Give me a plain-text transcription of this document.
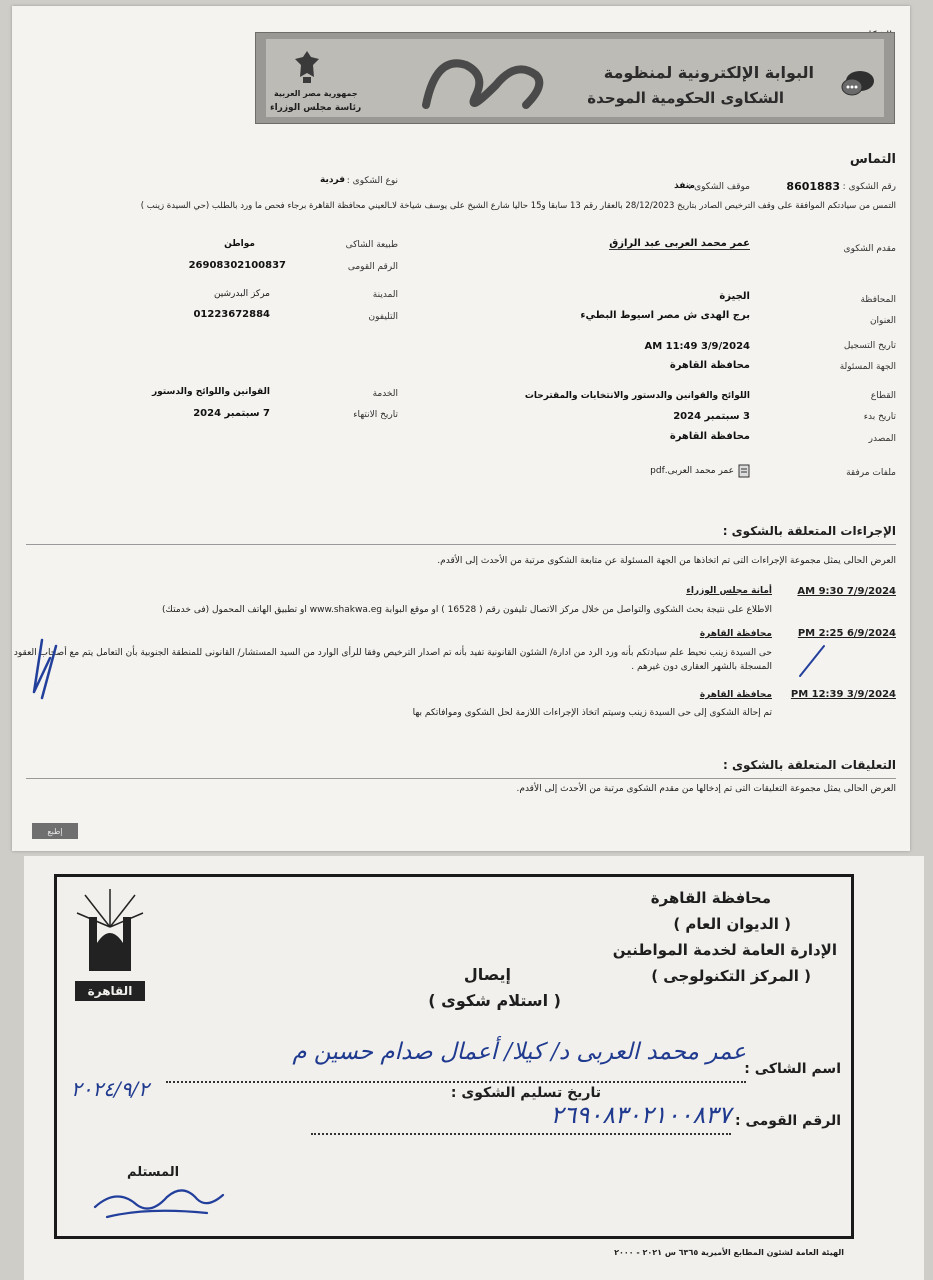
البوابة الإلكترونية لمنظومة
الشكاوى الحكومية الموحدة
جمهورية مصر العربية
رئاسة مجلس الوزراء
التماس
رقم الشكوى :
8601883
موقف الشكوى :
منفذ
نوع الشكوى :
فردية
التمس من سيادتكم الموافقة على وقف الترخيص الصادر بتاريخ 28/12/2023 بالعقار رقم 13 سابقا و15 حاليا شارع الشيخ على يوسف شياخة لاـالعيني محافظة القاهرة برجاء فحص ما ورد بالطلب (حي السيدة زينب )
مقدم الشكوى
عمر محمد العربى عبد الرازق
طبيعة الشاكى
مواطن
الرقم القومى
26908302100837
المحافظة
الجيزة
المدينة
مركز البدرشين
العنوان
برج الهدى ش مصر اسيوط البطيء
التليفون
01223672884
تاريخ التسجيل
AM 11:49 3/9/2024
الجهة المسئولة
محافظة القاهرة
القطاع
اللوائح والقوانين والدستور والانتخابات والمقترحات
الخدمة
القوانين واللوائح والدستور
تاريخ بدء
3 سبتمبر 2024
تاريخ الانتهاء
7 سبتمبر 2024
المصدر
محافظة القاهرة
ملفات مرفقة
عمر محمد العربى.pdf
الإجراءات المتعلقة بالشكوى :
العرض الحالى يمثل مجموعة الإجراءات التى تم اتخاذها من الجهة المسئولة عن متابعة الشكوى مرتبة من الأحدث إلى الأقدم.
AM 9:30 7/9/2024
أمانة مجلس الوزراء
الاطلاع على نتيجة بحث الشكوى والتواصل من خلال مركز الاتصال تليفون رقم ( 16528 ) او موقع البوابة www.shakwa.eg او تطبيق الهاتف المحمول (فى خدمتك)
PM 2:25 6/9/2024
محافظة القاهرة
حى السيدة زينب نحيط علم سيادتكم بأنه ورد الرد من ادارة/ الشئون القانونية تفيد بأنه تم اصدار الترخيص وفقا للرأى الوارد من السيد المستشار/ القانونى للمنطقة الجنوبية بأن التعامل يتم مع أصحاب العقود المسجلة بالشهر العقارى دون غيرهم .
PM 12:39 3/9/2024
محافظة القاهرة
تم إحالة الشكوى إلى حى السيدة زينب وسيتم اتخاذ الإجراءات اللازمة لحل الشكوى وموافاتكم بها
التعليقات المتعلقة بالشكوى :
العرض الحالى يمثل مجموعة التعليقات التى تم إدخالها من مقدم الشكوى مرتبة من الأحدث إلى الأقدم.
إطبع
محافظة القاهرة
( الديوان العام )
الإدارة العامة لخدمة المواطنين
( المركز التكنولوجى )
إيصال
( استلام شكوى )
القاهرة
اسم الشاكى :
عمر محمد العربى د/ كيلا/ أعمال صدام حسين م
تاريخ تسليم الشكوى :
٢٠٢٤/٩/٢
الرقم القومى :
٢٦٩٠٨٣٠٢١٠٠٨٣٧
المستلم
الهيئة العامة لشئون المطابع الأميرية ٦٣٦٥ س ٢٠٢١ - ٢٠٠٠
